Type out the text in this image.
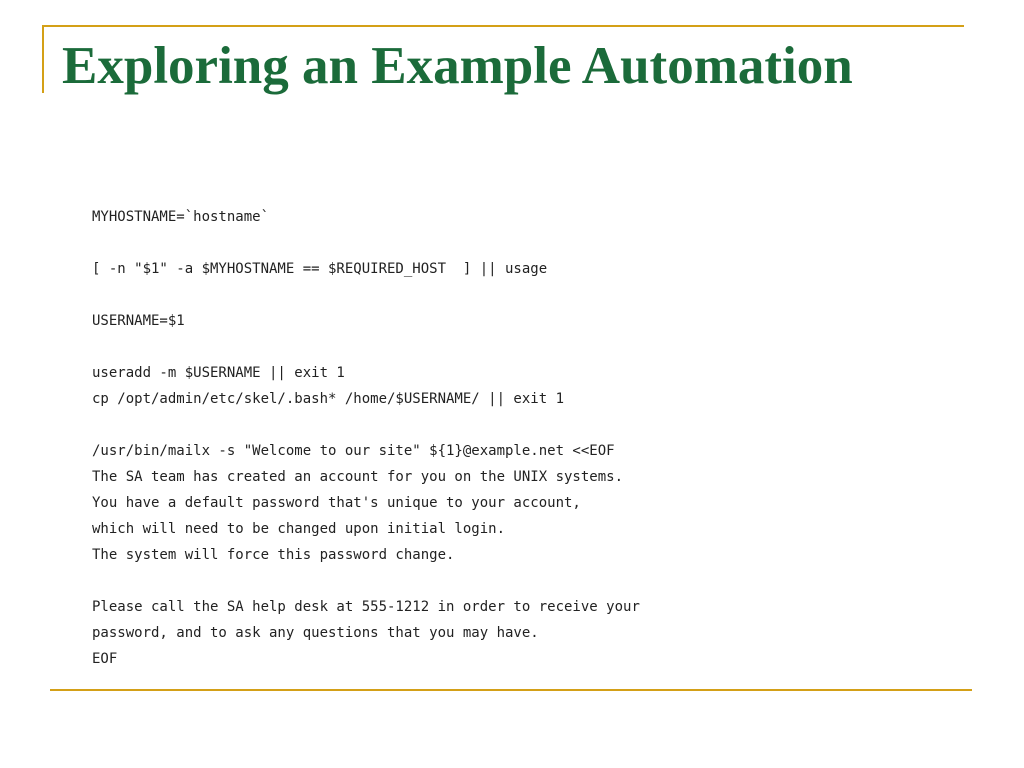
Exploring an Example Automation
MYHOSTNAME=`hostname`
[ -n "$1" -a $MYHOSTNAME == $REQUIRED_HOST  ] || usage
USERNAME=$1
useradd -m $USERNAME || exit 1
cp /opt/admin/etc/skel/.bash* /home/$USERNAME/ || exit 1
/usr/bin/mailx -s "Welcome to our site" ${1}@example.net <<EOF
The SA team has created an account for you on the UNIX systems.
You have a default password that's unique to your account,
which will need to be changed upon initial login.
The system will force this password change.
Please call the SA help desk at 555-1212 in order to receive your
password, and to ask any questions that you may have.
EOF
